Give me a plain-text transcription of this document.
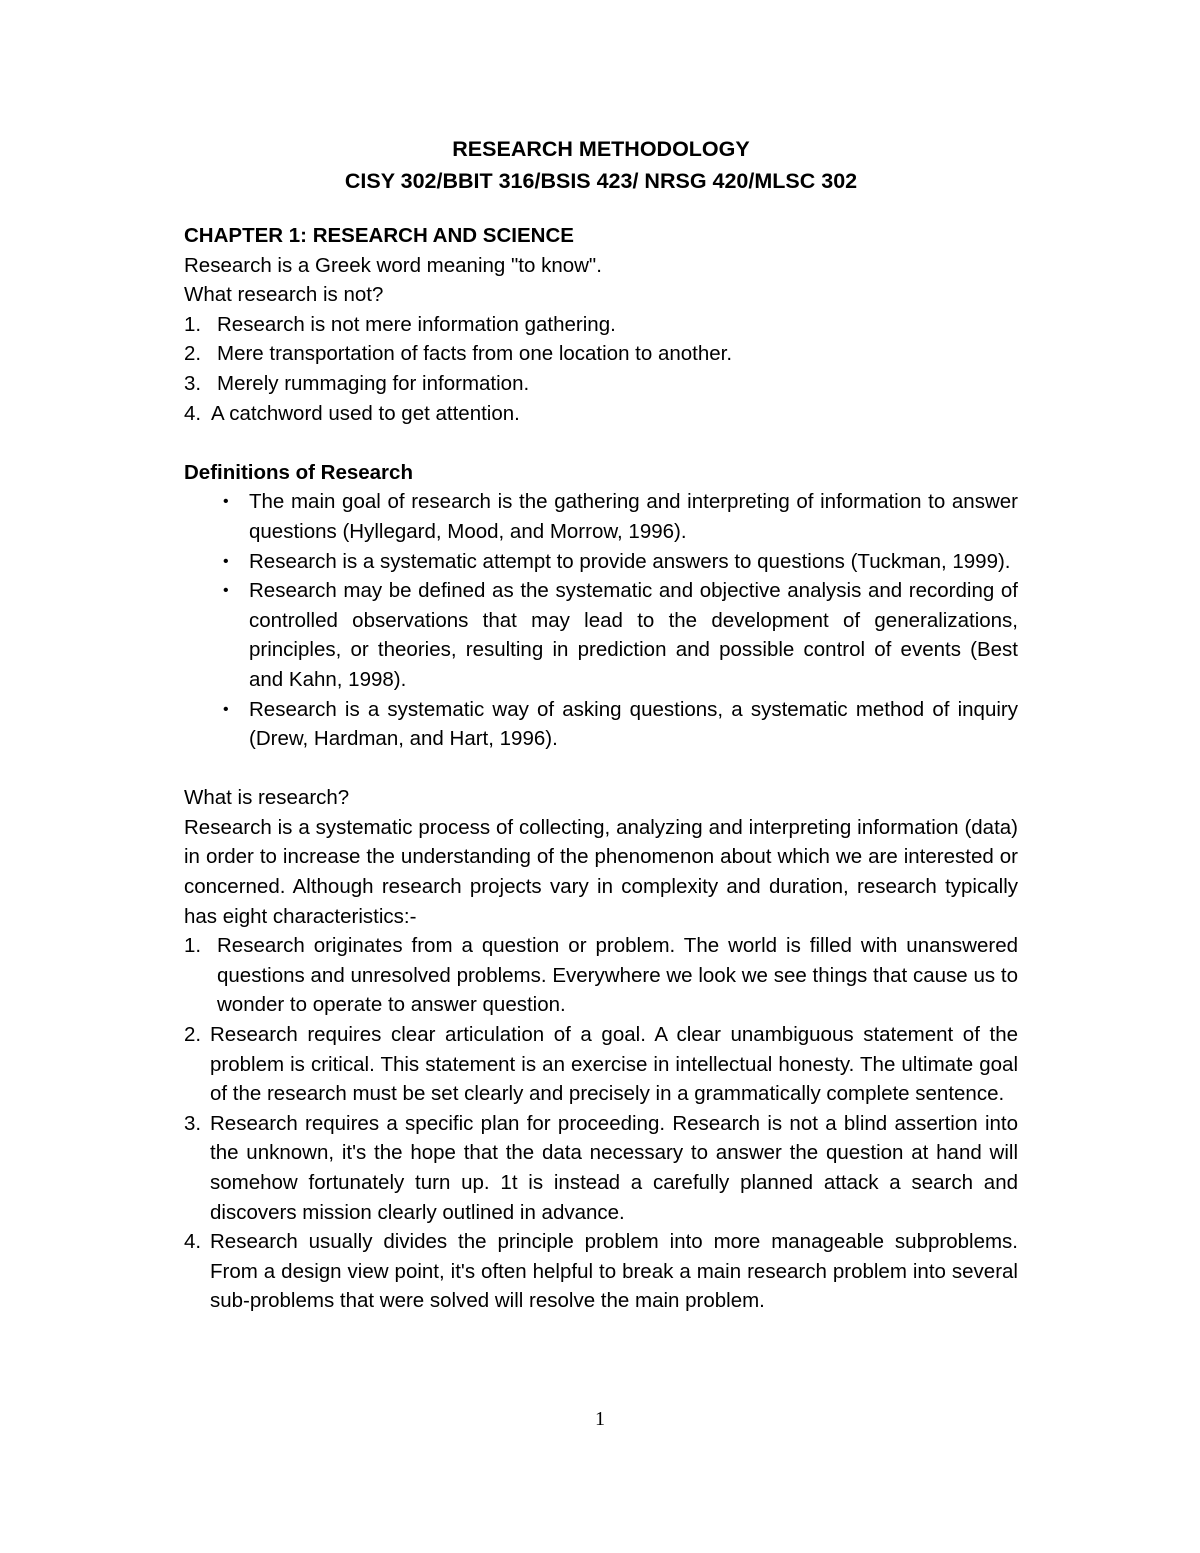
RESEARCH METHODOLOGY
CISY 302/BBIT 316/BSIS 423/ NRSG 420/MLSC 302
CHAPTER 1: RESEARCH AND SCIENCE

Research is a Greek word meaning "to know".

What research is not?

1. Research is not mere information gathering.
2. Mere transportation of facts from one location to another.
3. Merely rummaging for information.
4. A catchword used to get attention.
Definitions of Research
• The main goal of research is the gathering and interpreting of information to answer questions (Hyllegard, Mood, and Morrow, 1996).
• Research is a systematic attempt to provide answers to questions (Tuckman, 1999).
• Research may be defined as the systematic and objective analysis and recording of controlled observations that may lead to the development of generalizations, principles, or theories, resulting in prediction and possible control of events (Best and Kahn, 1998).
• Research is a systematic way of asking questions, a systematic method of inquiry (Drew, Hardman, and Hart, 1996).

What is research?

Research is a systematic process of collecting, analyzing and interpreting information (data) in order to increase the understanding of the phenomenon about which we are interested or concerned. Although research projects vary in complexity and duration, research typically has eight characteristics:-

1. Research originates from a question or problem. The world is filled with unanswered questions and unresolved problems. Everywhere we look we see things that cause us to wonder to operate to answer question.
2. Research requires clear articulation of a goal. A clear unambiguous statement of the problem is critical. This statement is an exercise in intellectual honesty. The ultimate goal of the research must be set clearly and precisely in a grammatically complete sentence.
3. Research requires a specific plan for proceeding. Research is not a blind assertion into the unknown, it's the hope that the data necessary to answer the question at hand will somehow fortunately turn up. 1t is instead a carefully planned attack a search and discovers mission clearly outlined in advance.
4. Research usually divides the principle problem into more manageable subproblems. From a design view point, it's often helpful to break a main research problem into several sub-problems that were solved will resolve the main problem.
1
